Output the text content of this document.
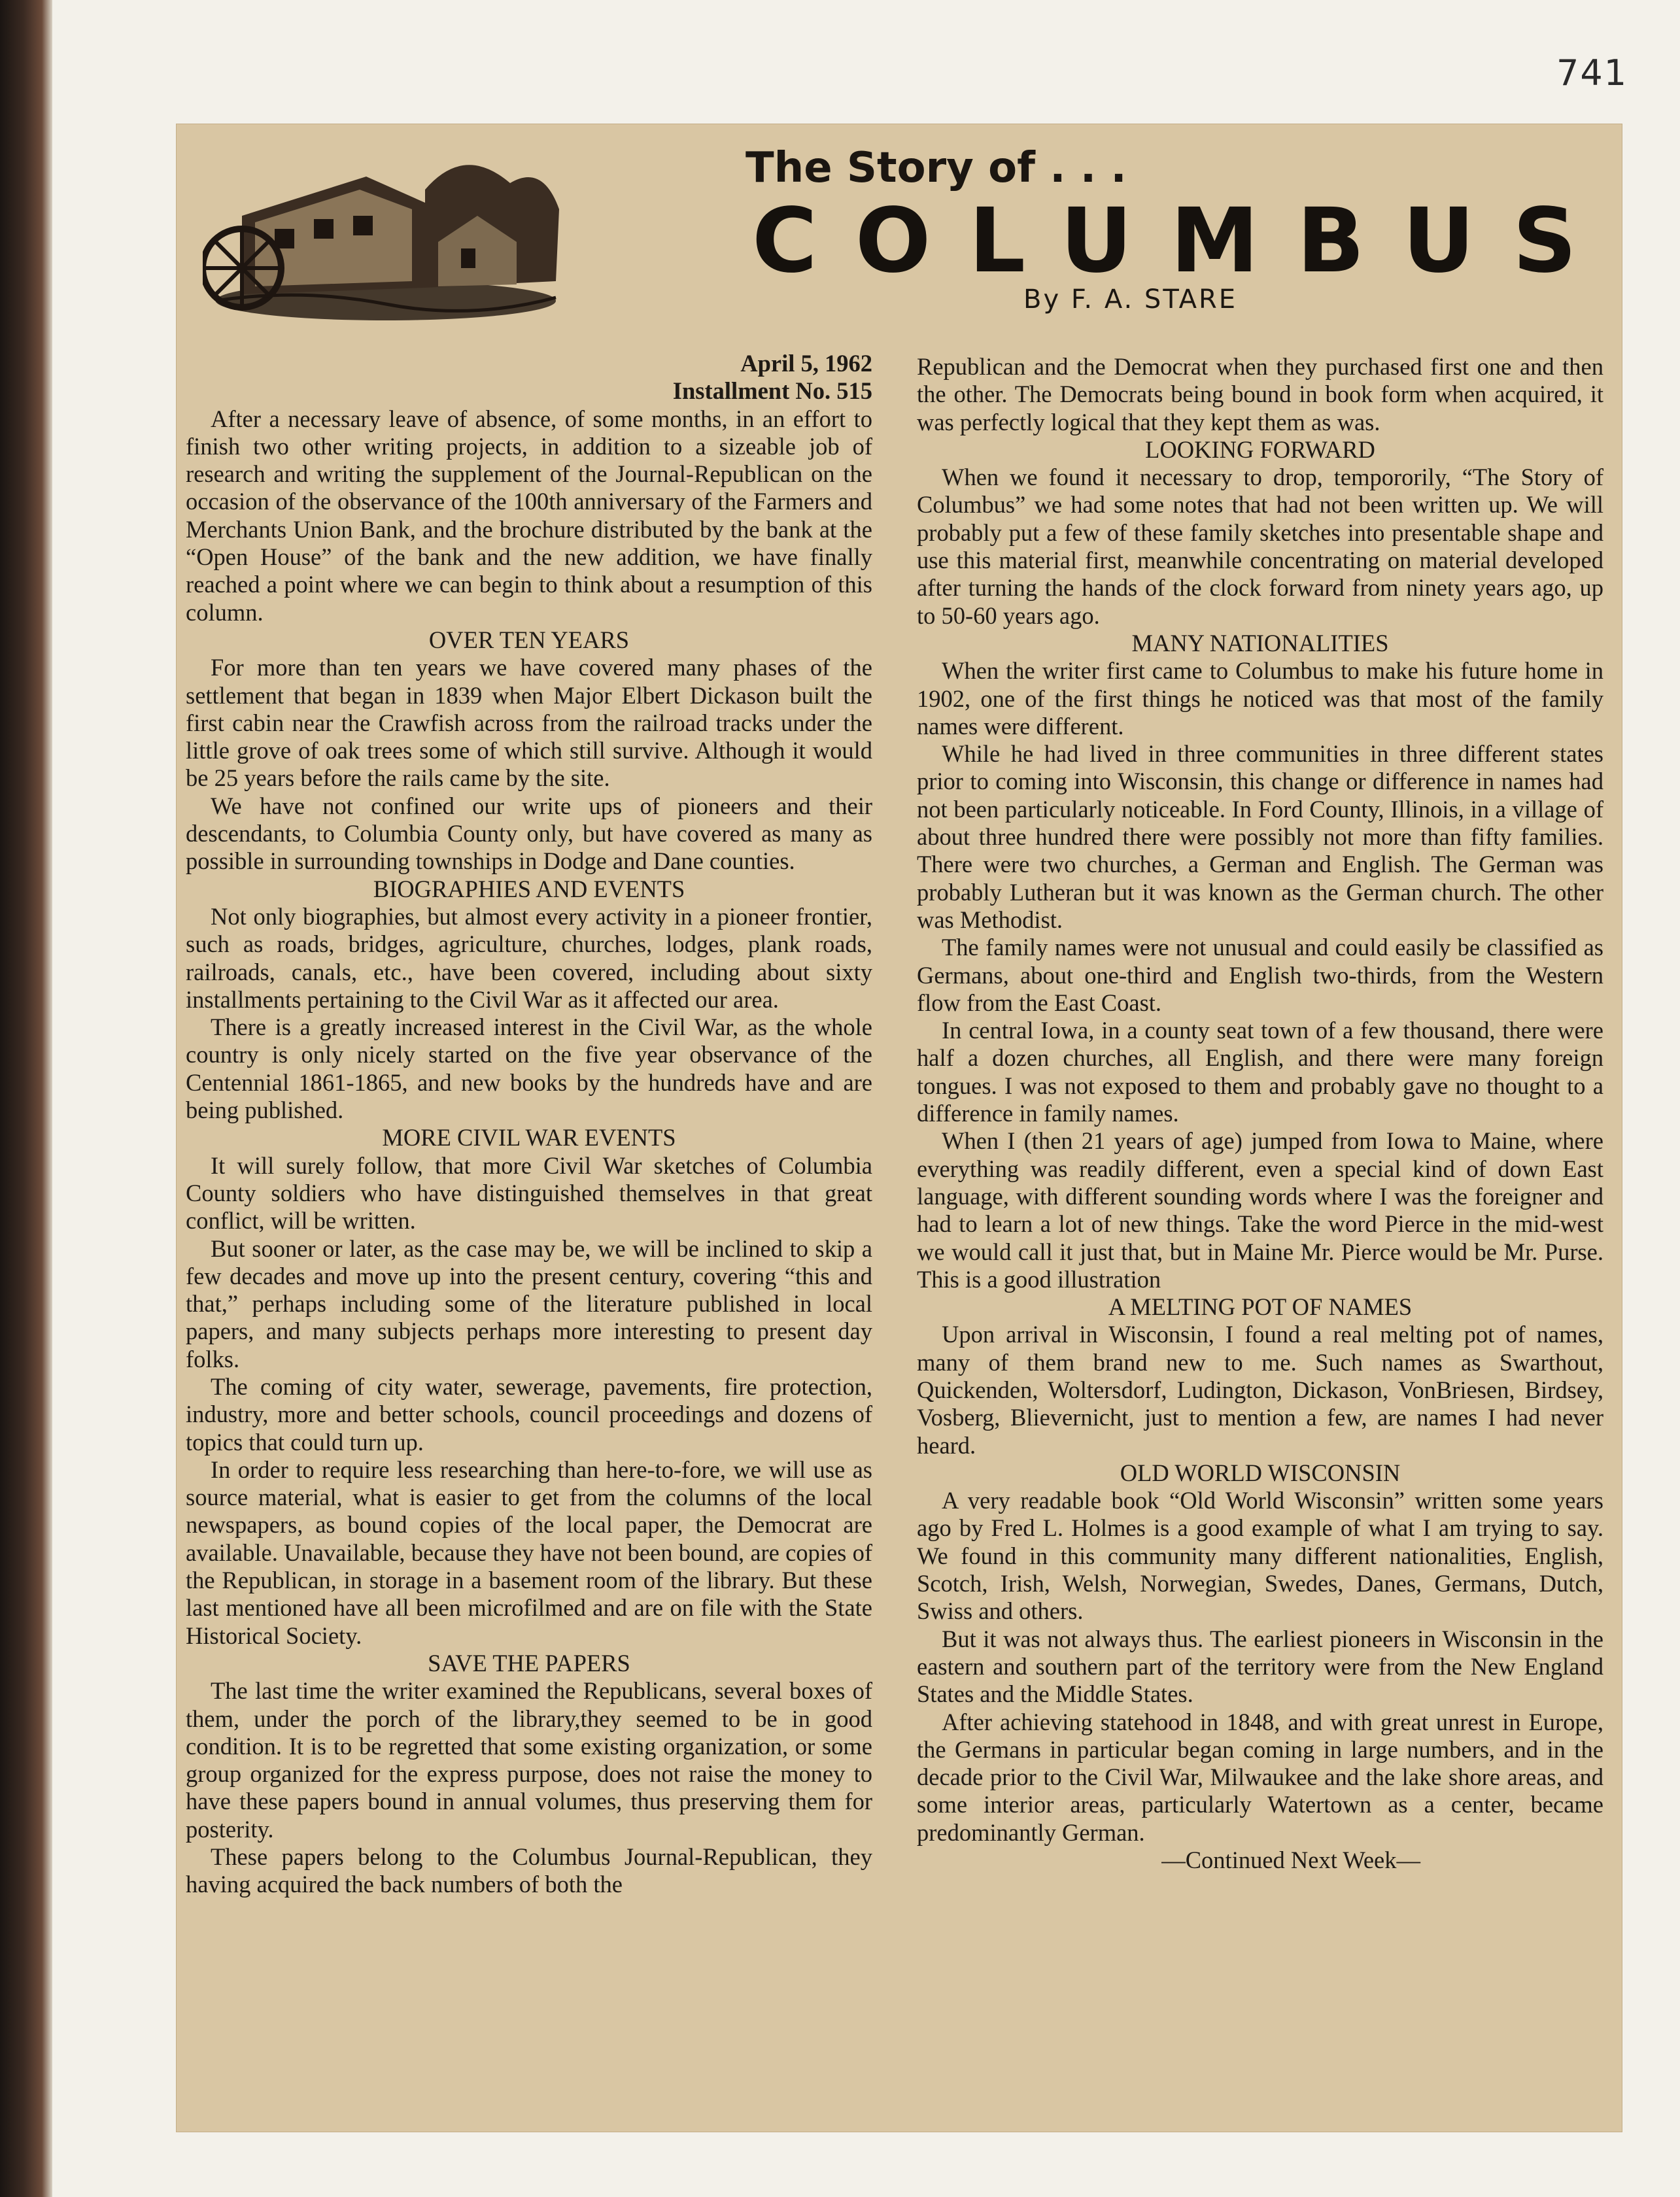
741
The Story of . . .
COLUMBUS
By F. A. STARE

April 5, 1962

Installment No. 515

After a necessary leave of absence, of some months, in an effort to finish two other writing projects, in addition to a sizeable job of research and writing the supplement of the Journal-Republican on the occasion of the observance of the 100th anniversary of the Farmers and Merchants Union Bank, and the brochure distributed by the bank at the “Open House” of the bank and the new addition, we have finally reached a point where we can begin to think about a resumption of this column.

OVER TEN YEARS

For more than ten years we have covered many phases of the settlement that began in 1839 when Major Elbert Dickason built the first cabin near the Crawfish across from the railroad tracks under the little grove of oak trees some of which still survive. Although it would be 25 years before the rails came by the site.

We have not confined our write ups of pioneers and their descendants, to Columbia County only, but have covered as many as possible in surrounding townships in Dodge and Dane counties.

BIOGRAPHIES AND EVENTS

Not only biographies, but almost every activity in a pioneer frontier, such as roads, bridges, agriculture, churches, lodges, plank roads, railroads, canals, etc., have been covered, including about sixty installments pertaining to the Civil War as it affected our area.

There is a greatly increased interest in the Civil War, as the whole country is only nicely started on the five year observance of the Centennial 1861-1865, and new books by the hundreds have and are being published.

MORE CIVIL WAR EVENTS

It will surely follow, that more Civil War sketches of Columbia County soldiers who have distinguished themselves in that great conflict, will be written.

But sooner or later, as the case may be, we will be inclined to skip a few decades and move up into the present century, covering “this and that,” perhaps including some of the literature published in local papers, and many subjects perhaps more interesting to present day folks.

The coming of city water, sewerage, pavements, fire protection, industry, more and better schools, council proceedings and dozens of topics that could turn up.

In order to require less researching than here-to-fore, we will use as source material, what is easier to get from the columns of the local newspapers, as bound copies of the local paper, the Democrat are available. Unavailable, because they have not been bound, are copies of the Republican, in storage in a basement room of the library. But these last mentioned have all been microfilmed and are on file with the State Historical Society.

SAVE THE PAPERS

The last time the writer examined the Republicans, several boxes of them, under the porch of the library,they seemed to be in good condition. It is to be regretted that some existing organization, or some group organized for the express purpose, does not raise the money to have these papers bound in annual volumes, thus preserving them for posterity.

These papers belong to the Columbus Journal-Republican, they having acquired the back numbers of both the

Republican and the Democrat when they purchased first one and then the other. The Democrats being bound in book form when acquired, it was perfectly logical that they kept them as was.

LOOKING FORWARD

When we found it necessary to drop, tempororily, “The Story of Columbus” we had some notes that had not been written up. We will probably put a few of these family sketches into presentable shape and use this material first, meanwhile concentrating on material developed after turning the hands of the clock forward from ninety years ago, up to 50-60 years ago.

MANY NATIONALITIES

When the writer first came to Columbus to make his future home in 1902, one of the first things he noticed was that most of the family names were different.

While he had lived in three communities in three different states prior to coming into Wisconsin, this change or difference in names had not been particularly noticeable. In Ford County, Illinois, in a village of about three hundred there were possibly not more than fifty families. There were two churches, a German and English. The German was probably Lutheran but it was known as the German church. The other was Methodist.

The family names were not unusual and could easily be classified as Germans, about one-third and English two-thirds, from the Western flow from the East Coast.

In central Iowa, in a county seat town of a few thousand, there were half a dozen churches, all English, and there were many foreign tongues. I was not exposed to them and probably gave no thought to a difference in family names.

When I (then 21 years of age) jumped from Iowa to Maine, where everything was readily different, even a special kind of down East language, with different sounding words where I was the foreigner and had to learn a lot of new things. Take the word Pierce in the mid-west we would call it just that, but in Maine Mr. Pierce would be Mr. Purse. This is a good illustration

A MELTING POT OF NAMES

Upon arrival in Wisconsin, I found a real melting pot of names, many of them brand new to me. Such names as Swarthout, Quickenden, Woltersdorf, Ludington, Dickason, VonBriesen, Birdsey, Vosberg, Blievernicht, just to mention a few, are names I had never heard.

OLD WORLD WISCONSIN

A very readable book “Old World Wisconsin” written some years ago by Fred L. Holmes is a good example of what I am trying to say. We found in this community many different nationalities, English, Scotch, Irish, Welsh, Norwegian, Swedes, Danes, Germans, Dutch, Swiss and others.

But it was not always thus. The earliest pioneers in Wisconsin in the eastern and southern part of the territory were from the New England States and the Middle States.

After achieving statehood in 1848, and with great unrest in Europe, the Germans in particular began coming in large numbers, and in the decade prior to the Civil War, Milwaukee and the lake shore areas, and some interior areas, particularly Watertown as a center, became predominantly German.

—Continued Next Week—
